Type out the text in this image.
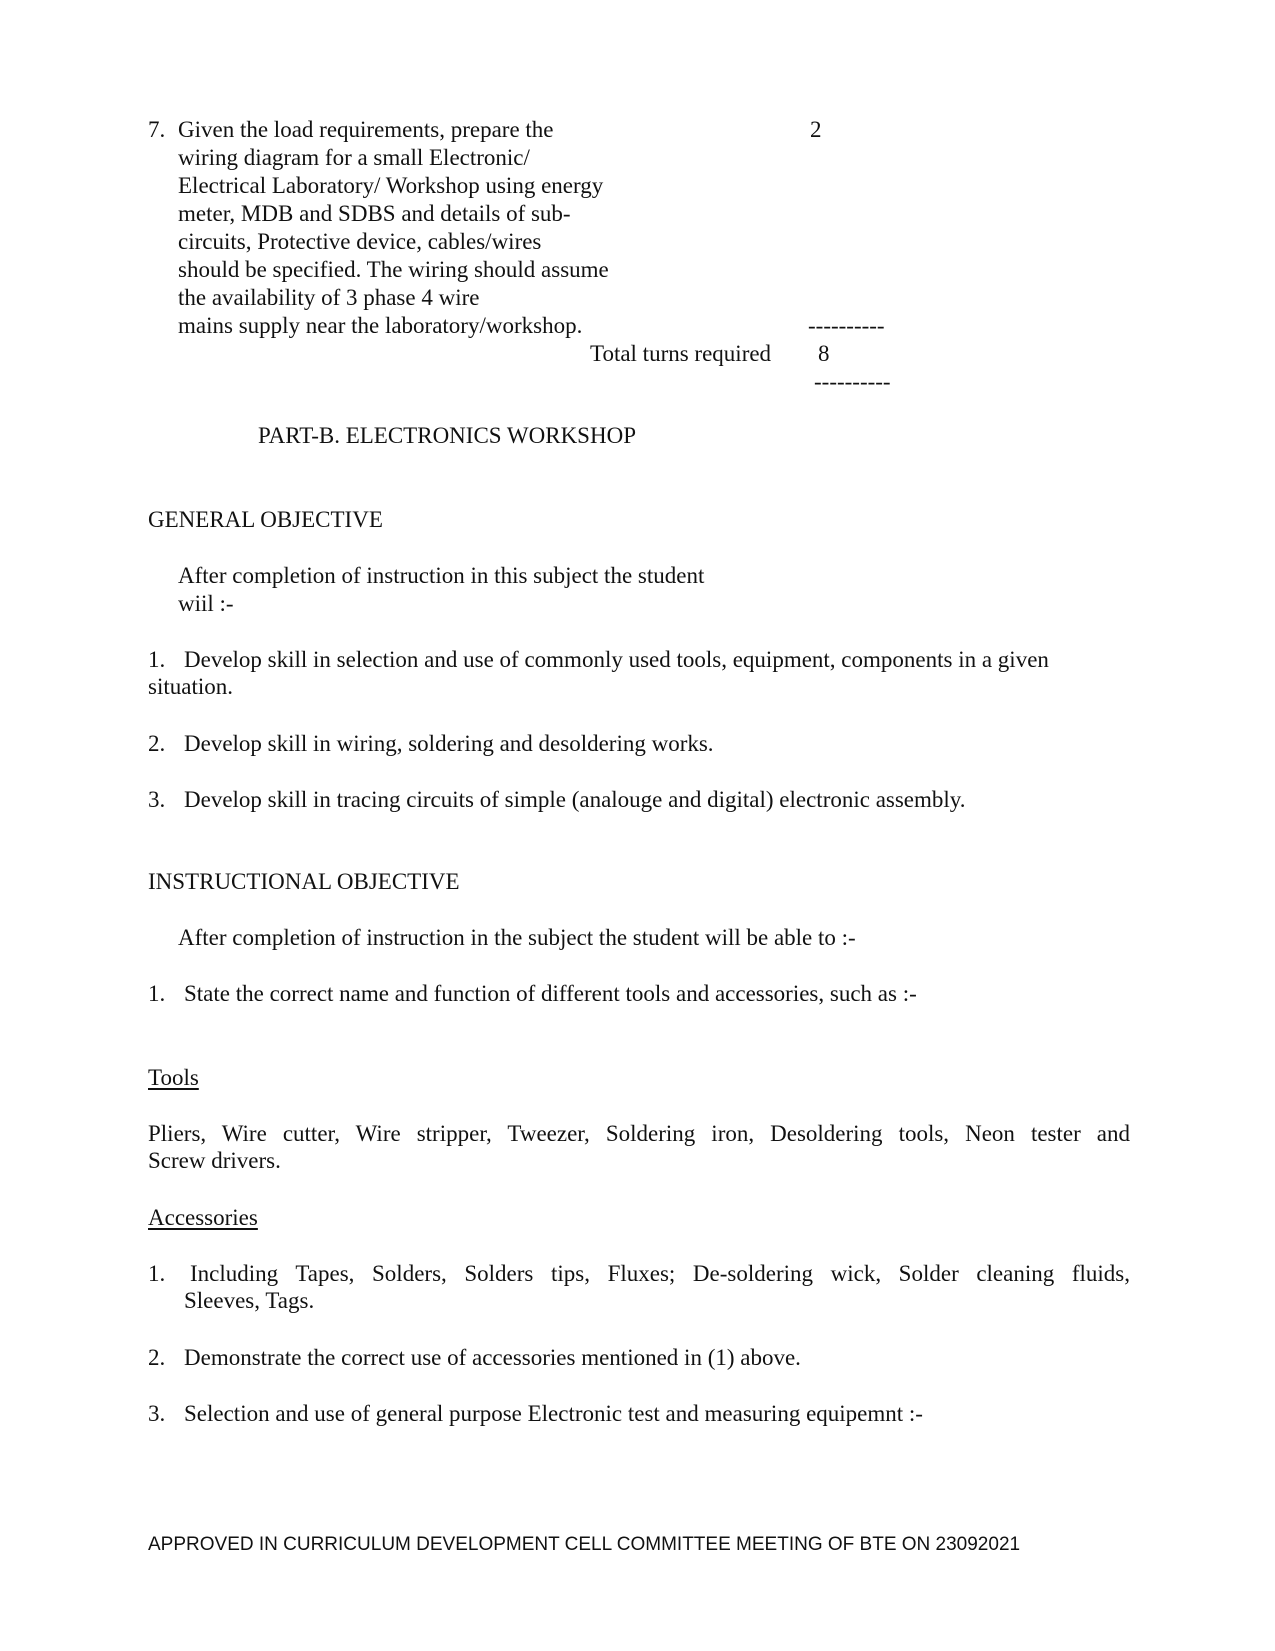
7. Given the load requirements, prepare the
wiring diagram for a small Electronic/
Electrical Laboratory/ Workshop using energy
meter, MDB and SDBS and details of sub-
circuits, Protective device, cables/wires
should be specified. The wiring should assume
the availability of 3 phase 4 wire
mains supply near the laboratory/workshop.
2
----------
Total turns required 8
----------
PART-B. ELECTRONICS WORKSHOP
GENERAL OBJECTIVE
After completion of instruction in this subject the student
wiil :-
1. Develop skill in selection and use of commonly used tools, equipment, components in a given
situation.
2. Develop skill in wiring, soldering and desoldering works.
3. Develop skill in tracing circuits of simple (analouge and digital) electronic assembly.
INSTRUCTIONAL OBJECTIVE
After completion of instruction in the subject the student will be able to :-
1. State the correct name and function of different tools and accessories, such as :-
Tools
Pliers, Wire cutter, Wire stripper, Tweezer, Soldering iron, Desoldering tools, Neon tester and
Screw drivers.
Accessories
1. Including Tapes, Solders, Solders tips, Fluxes; De-soldering wick, Solder cleaning fluids,
Sleeves, Tags.
2. Demonstrate the correct use of accessories mentioned in (1) above.
3. Selection and use of general purpose Electronic test and measuring equipemnt :-
APPROVED IN CURRICULUM DEVELOPMENT CELL COMMITTEE MEETING OF BTE ON 23092021
